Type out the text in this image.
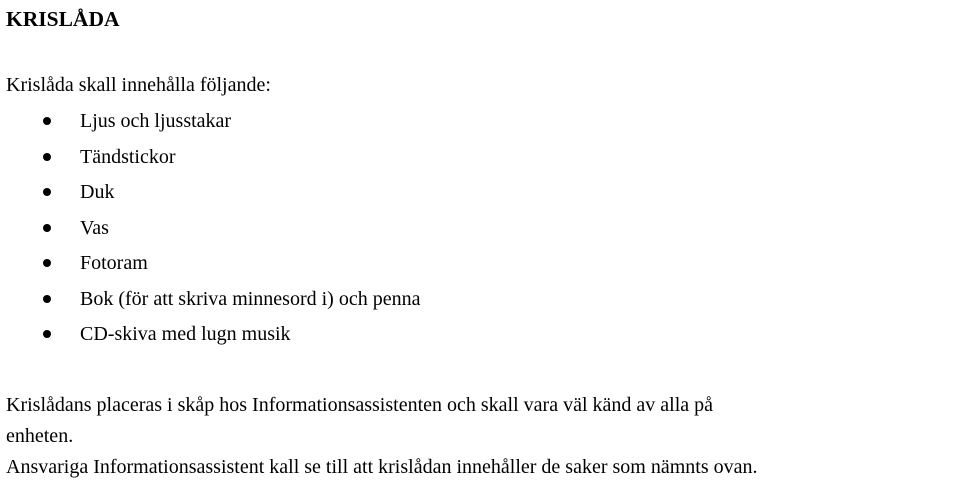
KRISLÅDA
Krislåda skall innehålla följande:
Ljus och ljusstakar
Tändstickor
Duk
Vas
Fotoram
Bok (för att skriva minnesord i) och penna
CD-skiva med lugn musik
Krislådans placeras i skåp hos Informationsassistenten och skall vara väl känd av alla på
enheten.
Ansvariga Informationsassistent kall se till att krislådan innehåller de saker som nämnts ovan.
